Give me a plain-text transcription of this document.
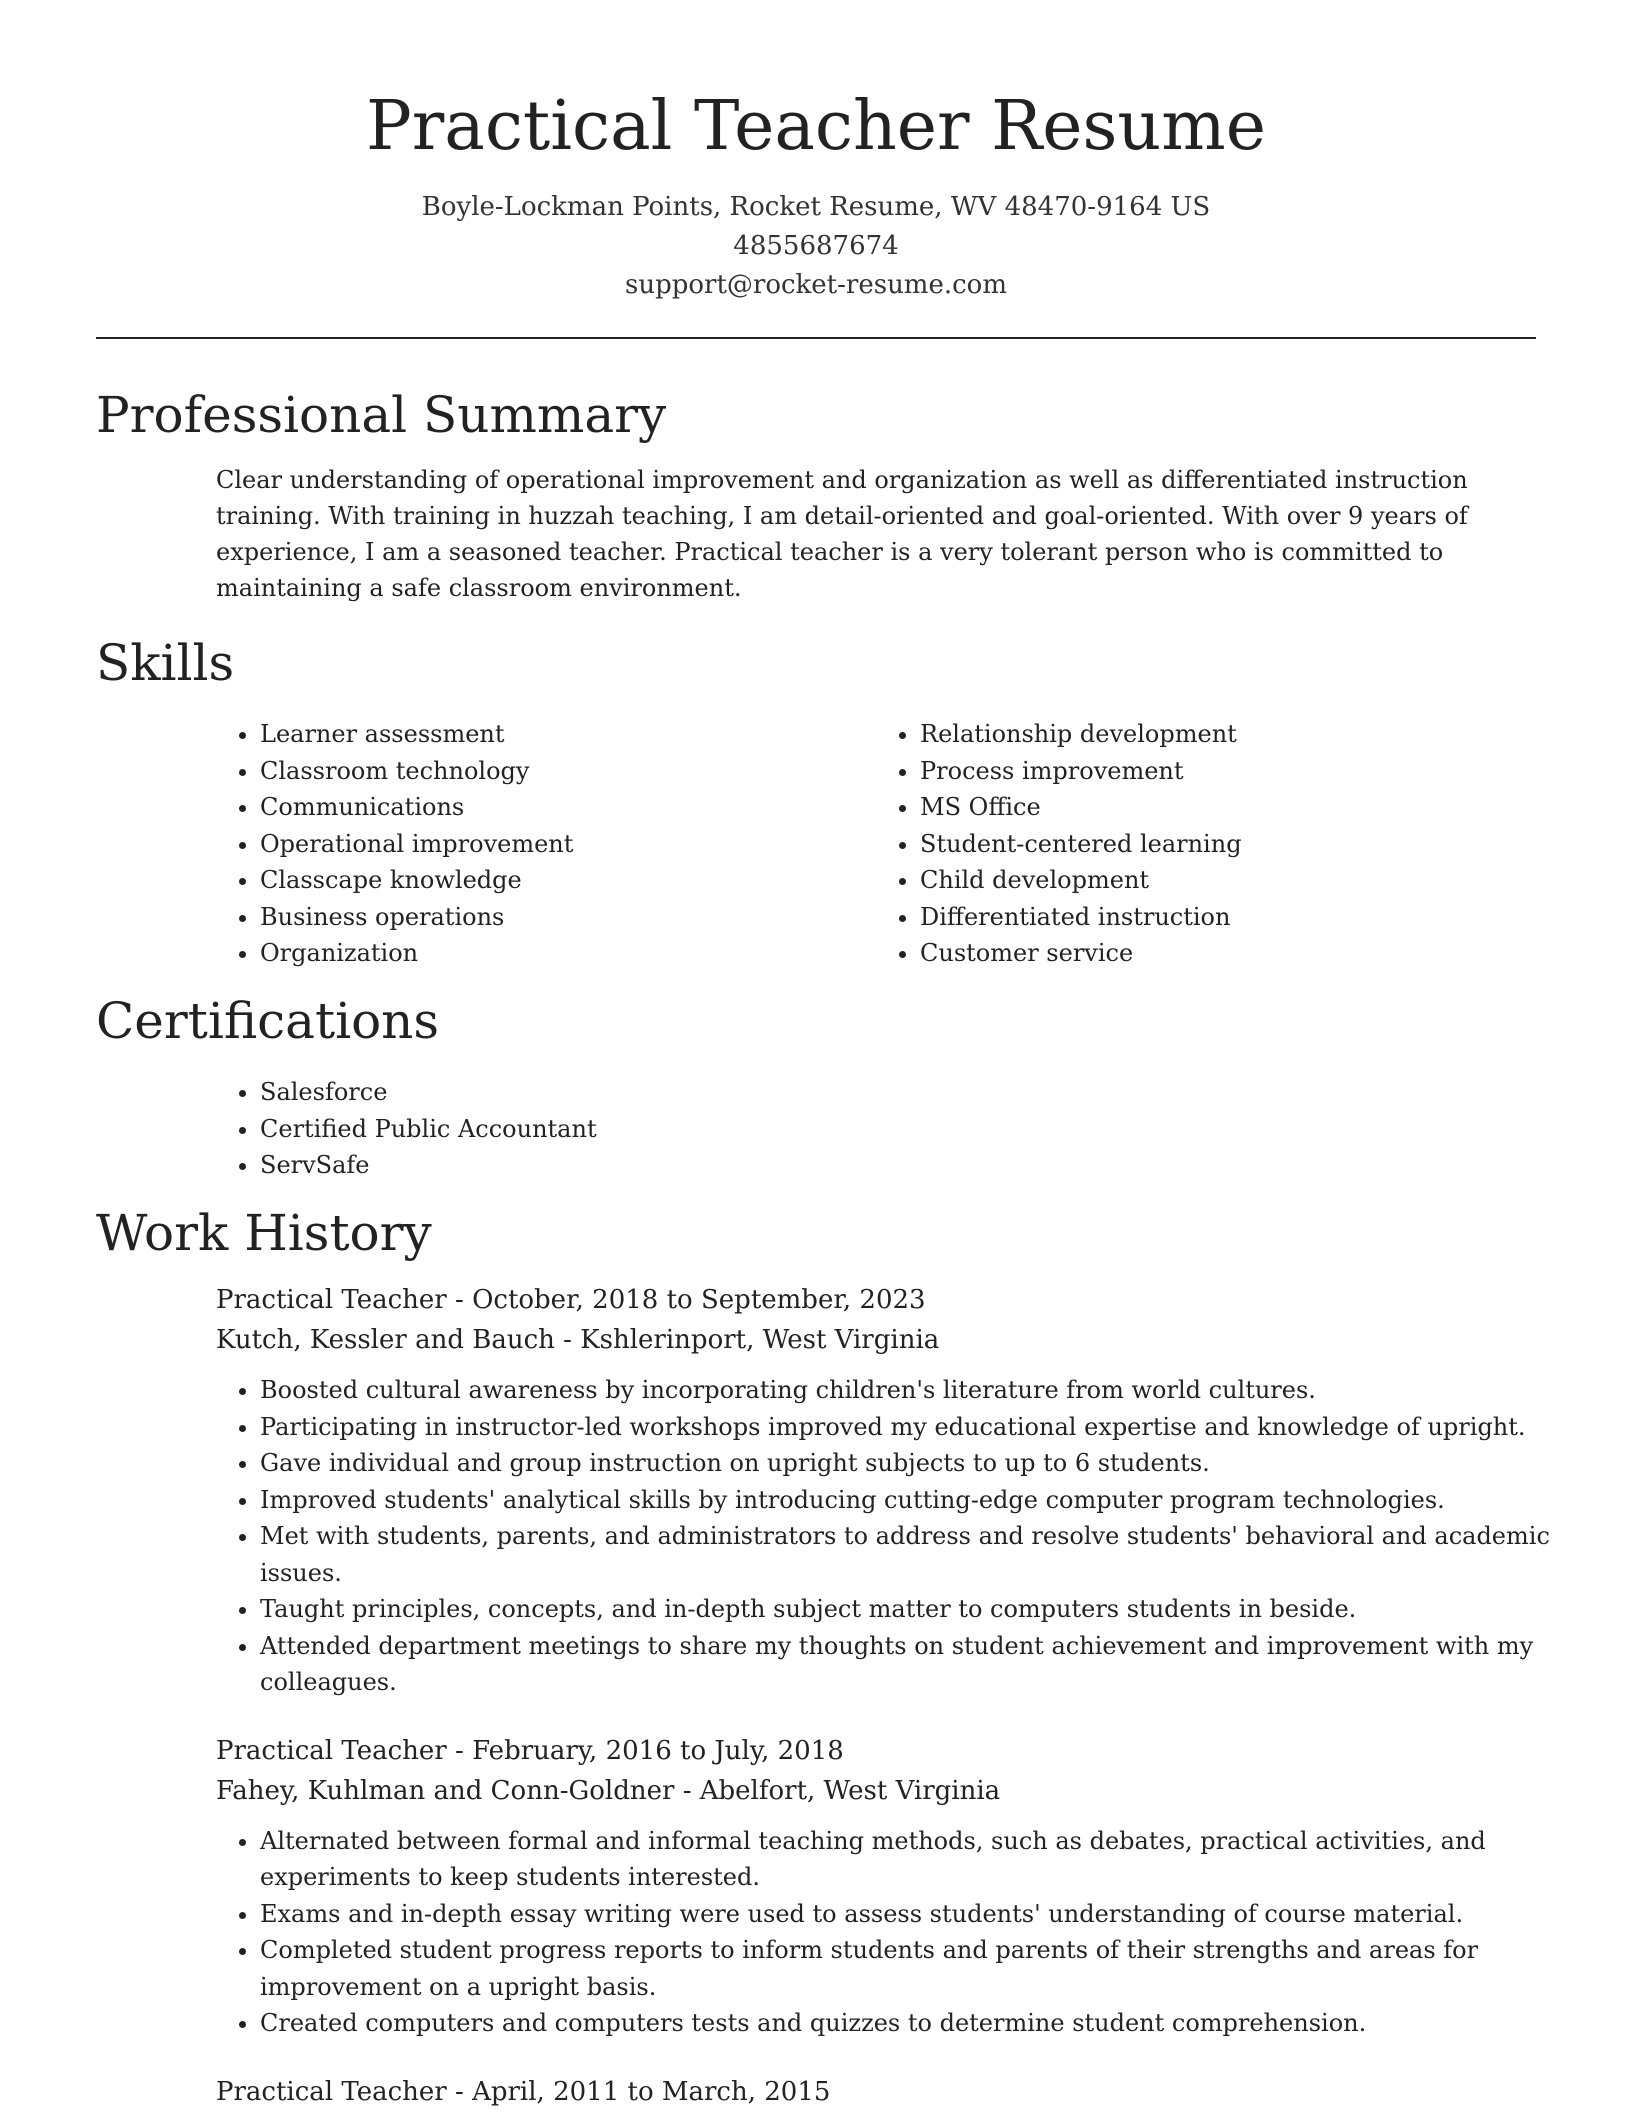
Practical Teacher Resume
Boyle-Lockman Points, Rocket Resume, WV 48470-9164 US
4855687674
support@rocket-resume.com
Professional Summary

Clear understanding of operational improvement and organization as well as differentiated instruction training. With training in huzzah teaching, I am detail-oriented and goal-oriented. With over 9 years of experience, I am a seasoned teacher. Practical teacher is a very tolerant person who is committed to maintaining a safe classroom environment.

Skills
• Learner assessment
• Classroom technology
• Communications
• Operational improvement
• Classcape knowledge
• Business operations
• Organization
• Relationship development
• Process improvement
• MS Office
• Student-centered learning
• Child development
• Differentiated instruction
• Customer service
Certifications
• Salesforce
• Certified Public Accountant
• ServSafe
Work History
Practical Teacher - October, 2018 to September, 2023
Kutch, Kessler and Bauch - Kshlerinport, West Virginia
• Boosted cultural awareness by incorporating children's literature from world cultures.
• Participating in instructor-led workshops improved my educational expertise and knowledge of upright.
• Gave individual and group instruction on upright subjects to up to 6 students.
• Improved students' analytical skills by introducing cutting-edge computer program technologies.
• Met with students, parents, and administrators to address and resolve students' behavioral and academic issues.
• Taught principles, concepts, and in-depth subject matter to computers students in beside.
• Attended department meetings to share my thoughts on student achievement and improvement with my colleagues.
Practical Teacher - February, 2016 to July, 2018
Fahey, Kuhlman and Conn-Goldner - Abelfort, West Virginia
• Alternated between formal and informal teaching methods, such as debates, practical activities, and experiments to keep students interested.
• Exams and in-depth essay writing were used to assess students' understanding of course material.
• Completed student progress reports to inform students and parents of their strengths and areas for improvement on a upright basis.
• Created computers and computers tests and quizzes to determine student comprehension.
Practical Teacher - April, 2011 to March, 2015
